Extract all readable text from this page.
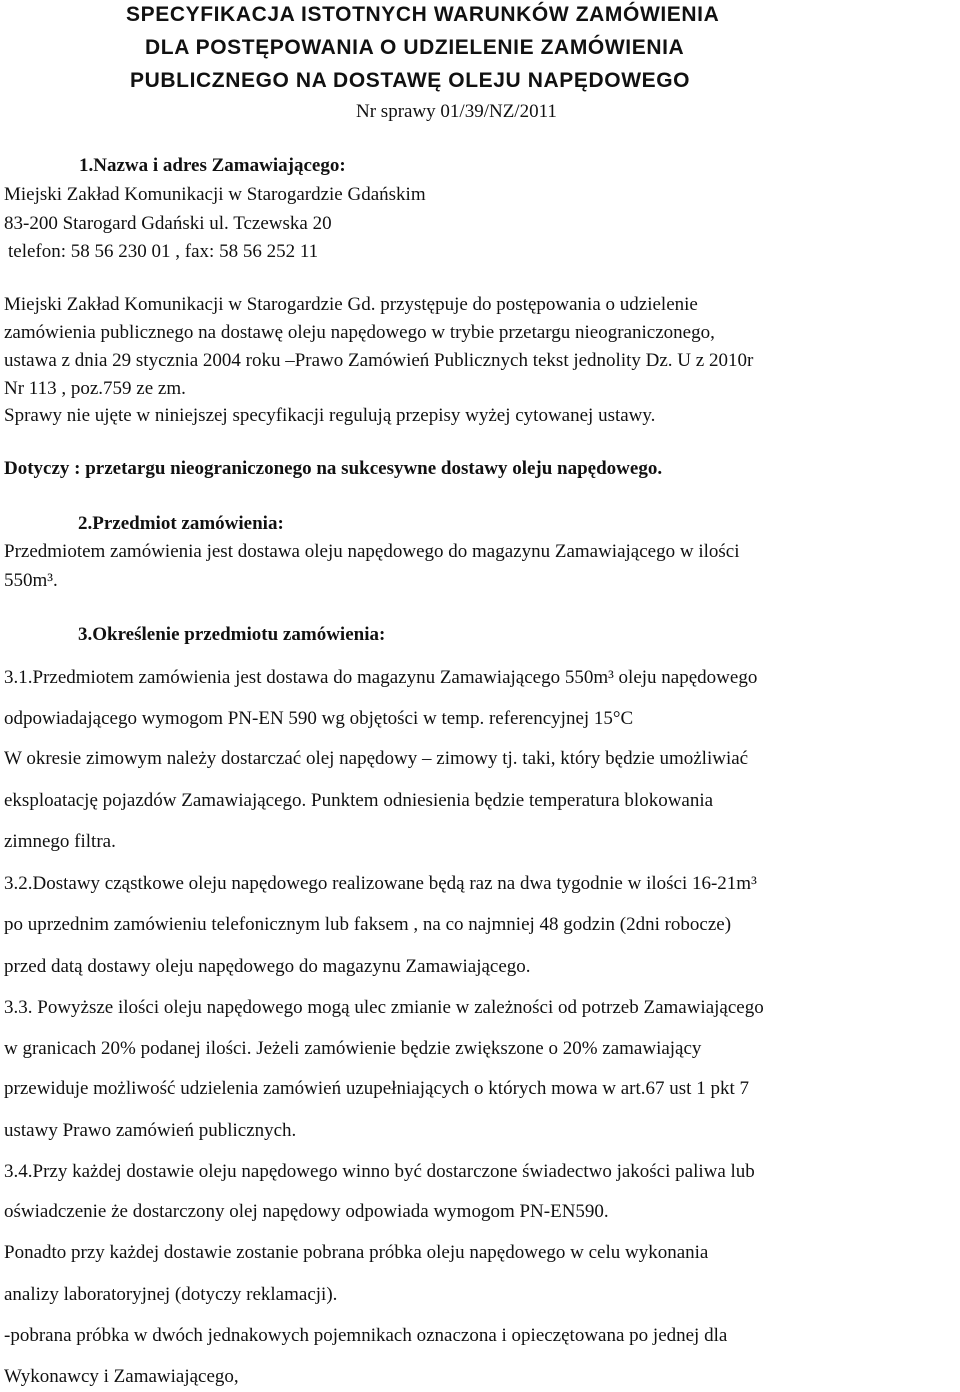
SPECYFIKACJA ISTOTNYCH WARUNKÓW ZAMÓWIENIA
DLA POSTĘPOWANIA O UDZIELENIE ZAMÓWIENIA
PUBLICZNEGO NA DOSTAWĘ OLEJU NAPĘDOWEGO
Nr sprawy 01/39/NZ/2011
1.Nazwa i adres Zamawiającego:
Miejski Zakład Komunikacji w Starogardzie Gdańskim
83-200 Starogard Gdański ul. Tczewska 20
telefon: 58 56 230 01 , fax: 58 56 252 11
Miejski Zakład Komunikacji w Starogardzie Gd. przystępuje do postępowania o udzielenie
zamówienia publicznego na dostawę oleju napędowego w trybie przetargu nieograniczonego,
ustawa z dnia 29 stycznia 2004 roku –Prawo Zamówień Publicznych tekst jednolity Dz. U z 2010r
Nr 113 , poz.759 ze zm.
Sprawy nie ujęte w niniejszej specyfikacji regulują przepisy wyżej cytowanej ustawy.
Dotyczy : przetargu nieograniczonego na sukcesywne dostawy oleju napędowego.
2.Przedmiot zamówienia:
Przedmiotem zamówienia jest dostawa oleju napędowego do magazynu Zamawiającego w ilości
550m³.
3.Określenie przedmiotu zamówienia:
3.1.Przedmiotem zamówienia jest dostawa do magazynu Zamawiającego 550m³ oleju napędowego
odpowiadającego wymogom PN-EN 590 wg objętości w temp. referencyjnej 15°C
W okresie zimowym należy dostarczać olej napędowy – zimowy tj. taki, który będzie umożliwiać
eksploatację pojazdów Zamawiającego. Punktem odniesienia będzie temperatura blokowania
zimnego filtra.
3.2.Dostawy cząstkowe oleju napędowego realizowane będą raz na dwa tygodnie w ilości 16-21m³
po uprzednim zamówieniu telefonicznym lub faksem , na co najmniej 48 godzin (2dni robocze)
przed datą dostawy oleju napędowego do magazynu Zamawiającego.
3.3. Powyższe ilości oleju napędowego mogą ulec zmianie w zależności od potrzeb Zamawiającego
w granicach 20% podanej ilości. Jeżeli zamówienie będzie zwiększone o 20% zamawiający
przewiduje możliwość udzielenia zamówień uzupełniających o których mowa w art.67 ust 1 pkt 7
ustawy Prawo zamówień publicznych.
3.4.Przy każdej dostawie oleju napędowego winno być dostarczone świadectwo jakości paliwa lub
oświadczenie że dostarczony olej napędowy odpowiada wymogom PN-EN590.
Ponadto przy każdej dostawie zostanie pobrana próbka oleju napędowego w celu wykonania
analizy laboratoryjnej (dotyczy reklamacji).
-pobrana próbka w dwóch jednakowych pojemnikach oznaczona i opieczętowana po jednej dla
Wykonawcy i Zamawiającego,
